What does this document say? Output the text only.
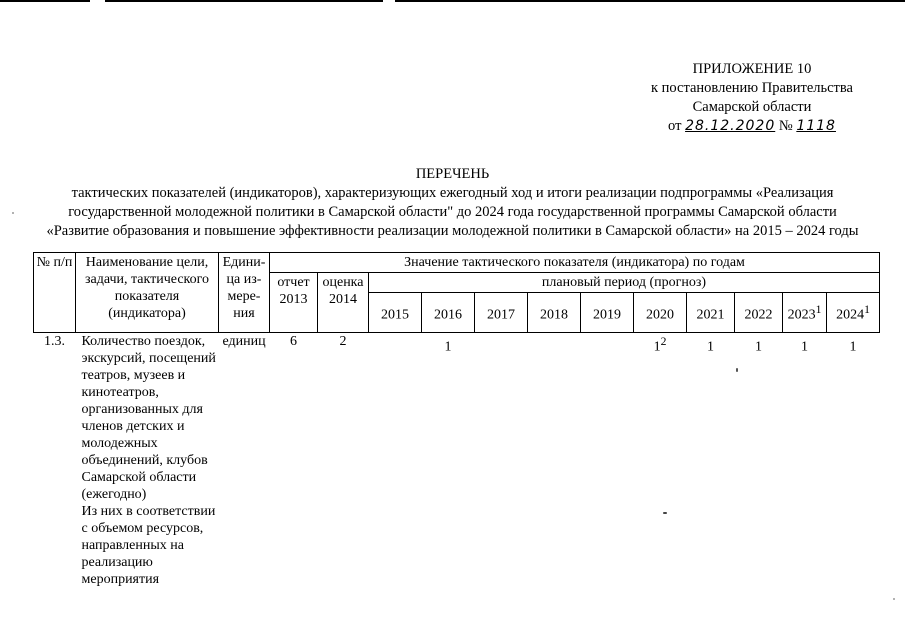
ПРИЛОЖЕНИЕ 10
к постановлению Правительства
Самарской области
от 28.12.2020 № 1118
ПЕРЕЧЕНЬ
тактических показателей (индикаторов), характеризующих ежегодный ход и итоги реализации подпрограммы «Реализация
государственной молодежной политики в Самарской области" до 2024 года государственной программы Самарской области
«Развитие образования и повышение эффективности реализации молодежной политики в Самарской области» на 2015 – 2024 годы
№ п/п	Наименование цели, задачи, тактического показателя (индикатора)	Едини-ца из-мере-ния	Значение тактического показателя (индикатора) по годам											
			отчет 2013	оценка 2014	плановый период (прогноз)									
					2015	2016	2017	2018	2019	2020	2021	2022	2023$^1$	2024$^1$
1.3.	Количество поездок, экскурсий, посещений театров, музеев и кинотеатров, организованных для членов детских и молодежных объединений, клубов Самарской области (ежегодно)	единиц	6	2		1				$1^2$	1	1	1	1
	Из них в соответствии с объемом ресурсов, направленных на реализацию мероприятия													
